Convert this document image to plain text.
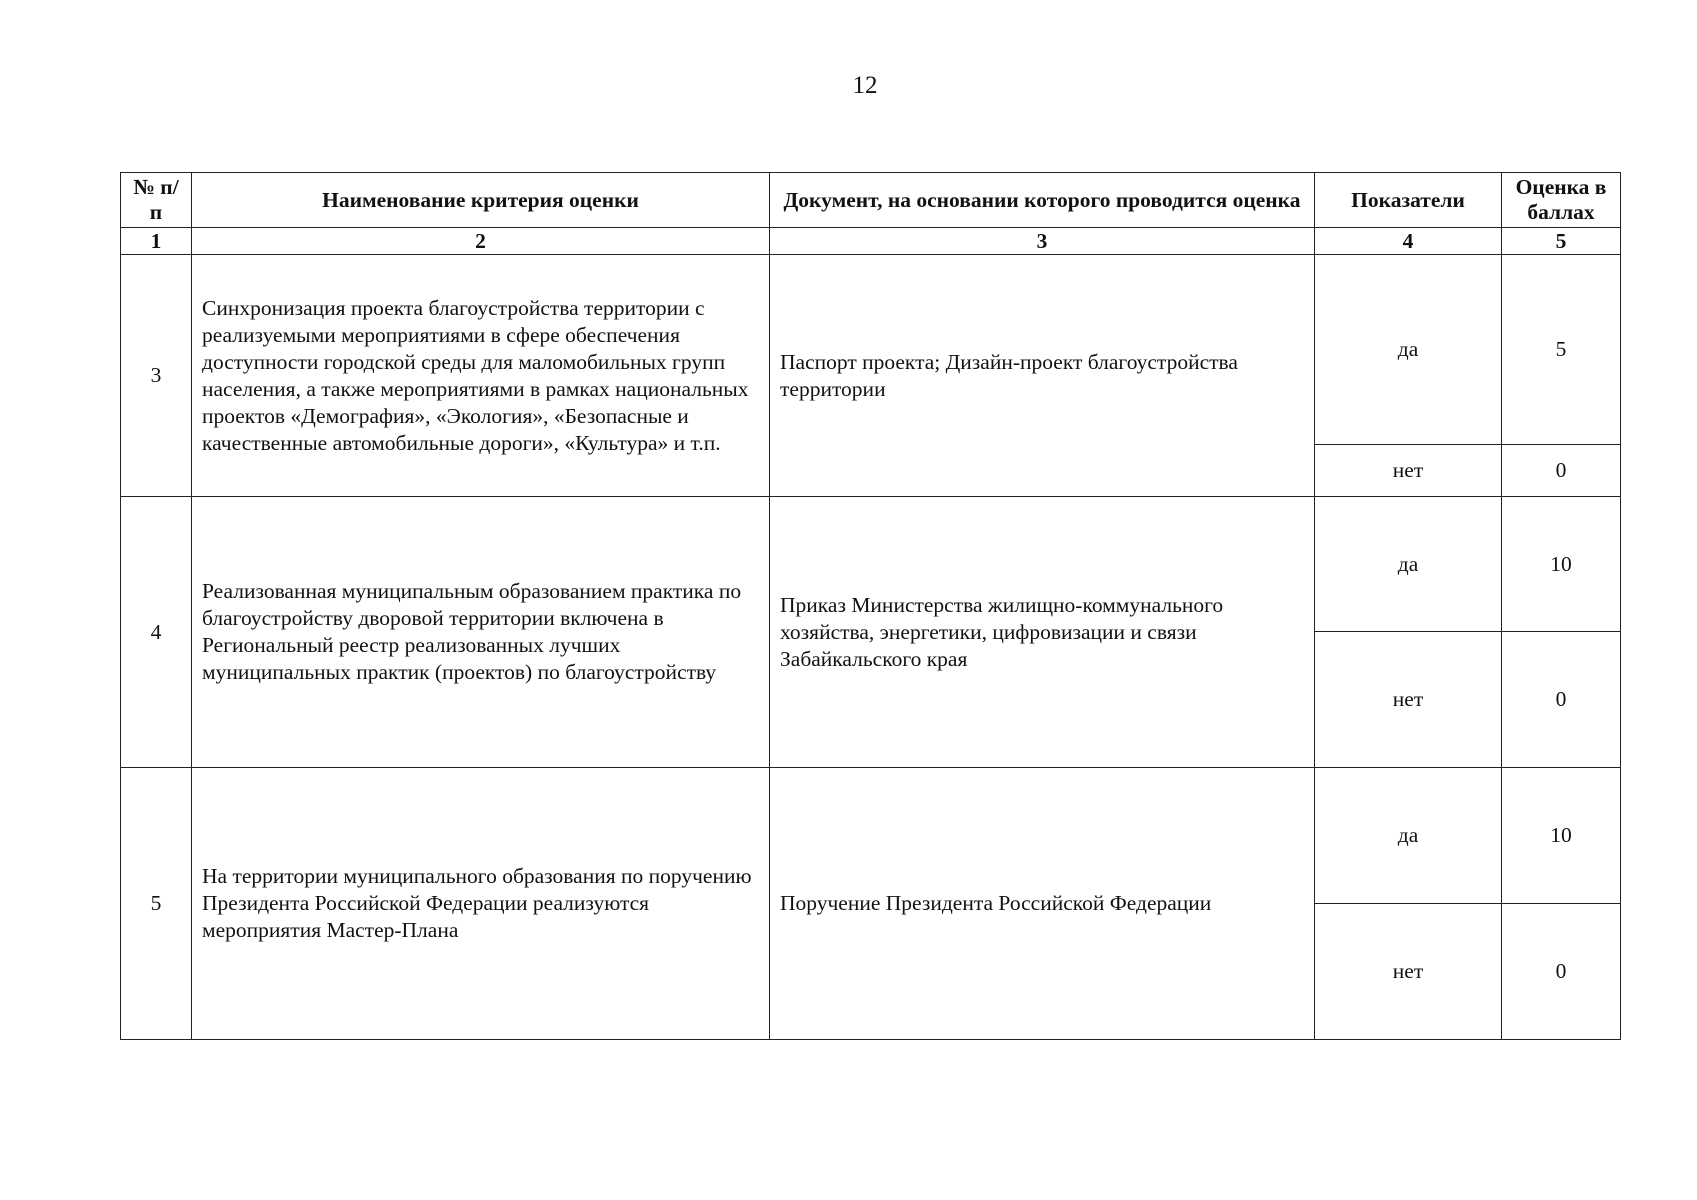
12
№ п/п	Наименование критерия оценки	Документ, на основании которого проводится оценка	Показатели	Оценка в баллах
1	2	3	4	5
3	Синхронизация проекта благоустройства территории с реализуемыми мероприятиями в сфере обеспечения доступности городской среды для маломобильных групп населения, а также мероприятиями в рамках национальных проектов «Демография», «Экология», «Безопасные и качественные автомобильные дороги», «Культура» и т.п.	Паспорт проекта; Дизайн-проект благоустройства территории	да	5
			нет	0
4	Реализованная муниципальным образованием практика по благоустройству дворовой территории включена в Региональный реестр реализованных лучших муниципальных практик (проектов) по благоустройству	Приказ Министерства жилищно-коммунального хозяйства, энергетики, цифровизации и связи Забайкальского края	да	10
			нет	0
5	На территории муниципального образования по поручению Президента Российской Федерации реализуются мероприятия Мастер-Плана	Поручение Президента Российской Федерации	да	10
			нет	0
